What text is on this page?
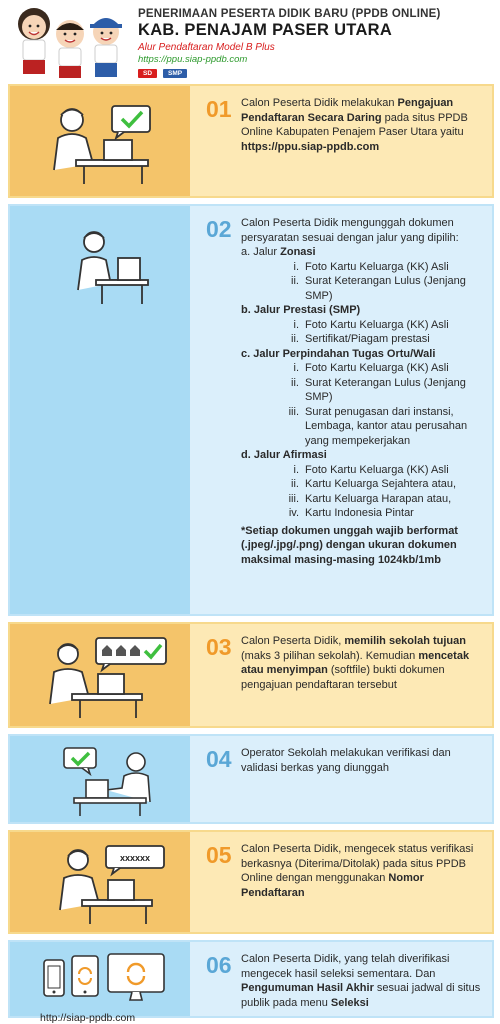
PENERIMAAN PESERTA DIDIK BARU (PPDB ONLINE)
KAB. PENAJAM PASER UTARA
Alur Pendaftaran Model B Plus
https://ppu.siap-ppdb.com
SD	SMP
01 Calon Peserta Didik melakukan Pengajuan Pendaftaran Secara Daring pada situs PPDB Online Kabupaten Penajem Paser Utara yaitu https://ppu.siap-ppdb.com
02 Calon Peserta Didik mengunggah dokumen persyaratan sesuai dengan jalur yang dipilih:
a. Jalur Zonasi
i. Foto Kartu Keluarga (KK) Asli
ii. Surat Keterangan Lulus (Jenjang SMP)
b. Jalur Prestasi (SMP)
i. Foto Kartu Keluarga (KK) Asli
ii. Sertifikat/Piagam prestasi
c. Jalur Perpindahan Tugas Ortu/Wali
i. Foto Kartu Keluarga (KK) Asli
ii. Surat Keterangan Lulus (Jenjang SMP)
iii. Surat penugasan dari instansi, Lembaga, kantor atau perusahan yang mempekerjakan
d. Jalur Afirmasi
i. Foto Kartu Keluarga (KK) Asli
ii. Kartu Keluarga Sejahtera atau,
iii. Kartu Keluarga Harapan atau,
iv. Kartu Indonesia Pintar
*Setiap dokumen unggah wajib berformat (.jpeg/.jpg/.png) dengan ukuran dokumen maksimal masing-masing 1024kb/1mb
03 Calon Peserta Didik, memilih sekolah tujuan (maks 3 pilihan sekolah). Kemudian mencetak atau menyimpan (softfile) bukti dokumen pengajuan pendaftaran tersebut
04 Operator Sekolah melakukan verifikasi dan validasi berkas yang diunggah
xxxxxx 05 Calon Peserta Didik, mengecek status verifikasi berkasnya (Diterima/Ditolak) pada situs PPDB Online dengan menggunakan Nomor Pendaftaran
http://siap-ppdb.com
06 Calon Peserta Didik, yang telah diverifikasi mengecek hasil seleksi sementara. Dan Pengumuman Hasil Akhir sesuai jadwal di situs publik pada menu Seleksi
